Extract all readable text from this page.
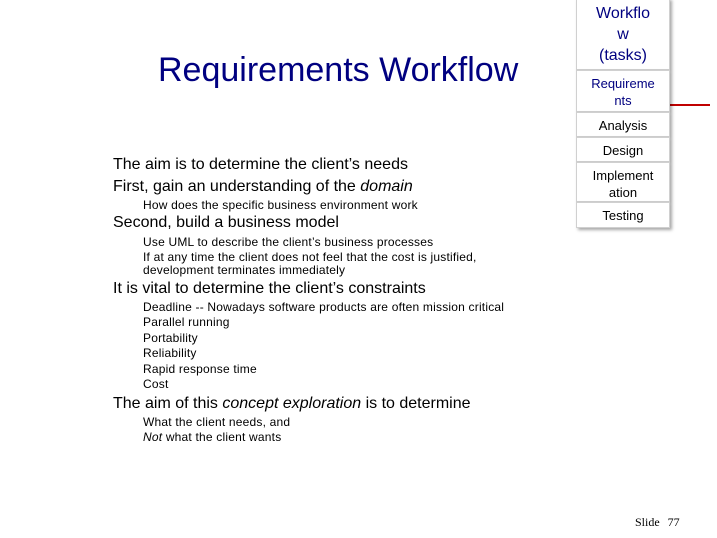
Requirements Workflow
Workflo
w
(tasks)
Requireme
nts
Analysis
Design
Implement
ation
Testing
The aim is to determine the client’s needs
First, gain an understanding of the domain
How does the specific business environment work
Second, build a business model
Use UML to describe the client’s business processes
If at any time the client does not feel that the cost is justified,
development terminates immediately
It is vital to determine the client’s constraints
Deadline -- Nowadays software products are often mission critical
Parallel running
Portability
Reliability
Rapid response time
Cost
The aim of this concept exploration is to determine
What the client needs, and
Not what the client wants
Slide 77
